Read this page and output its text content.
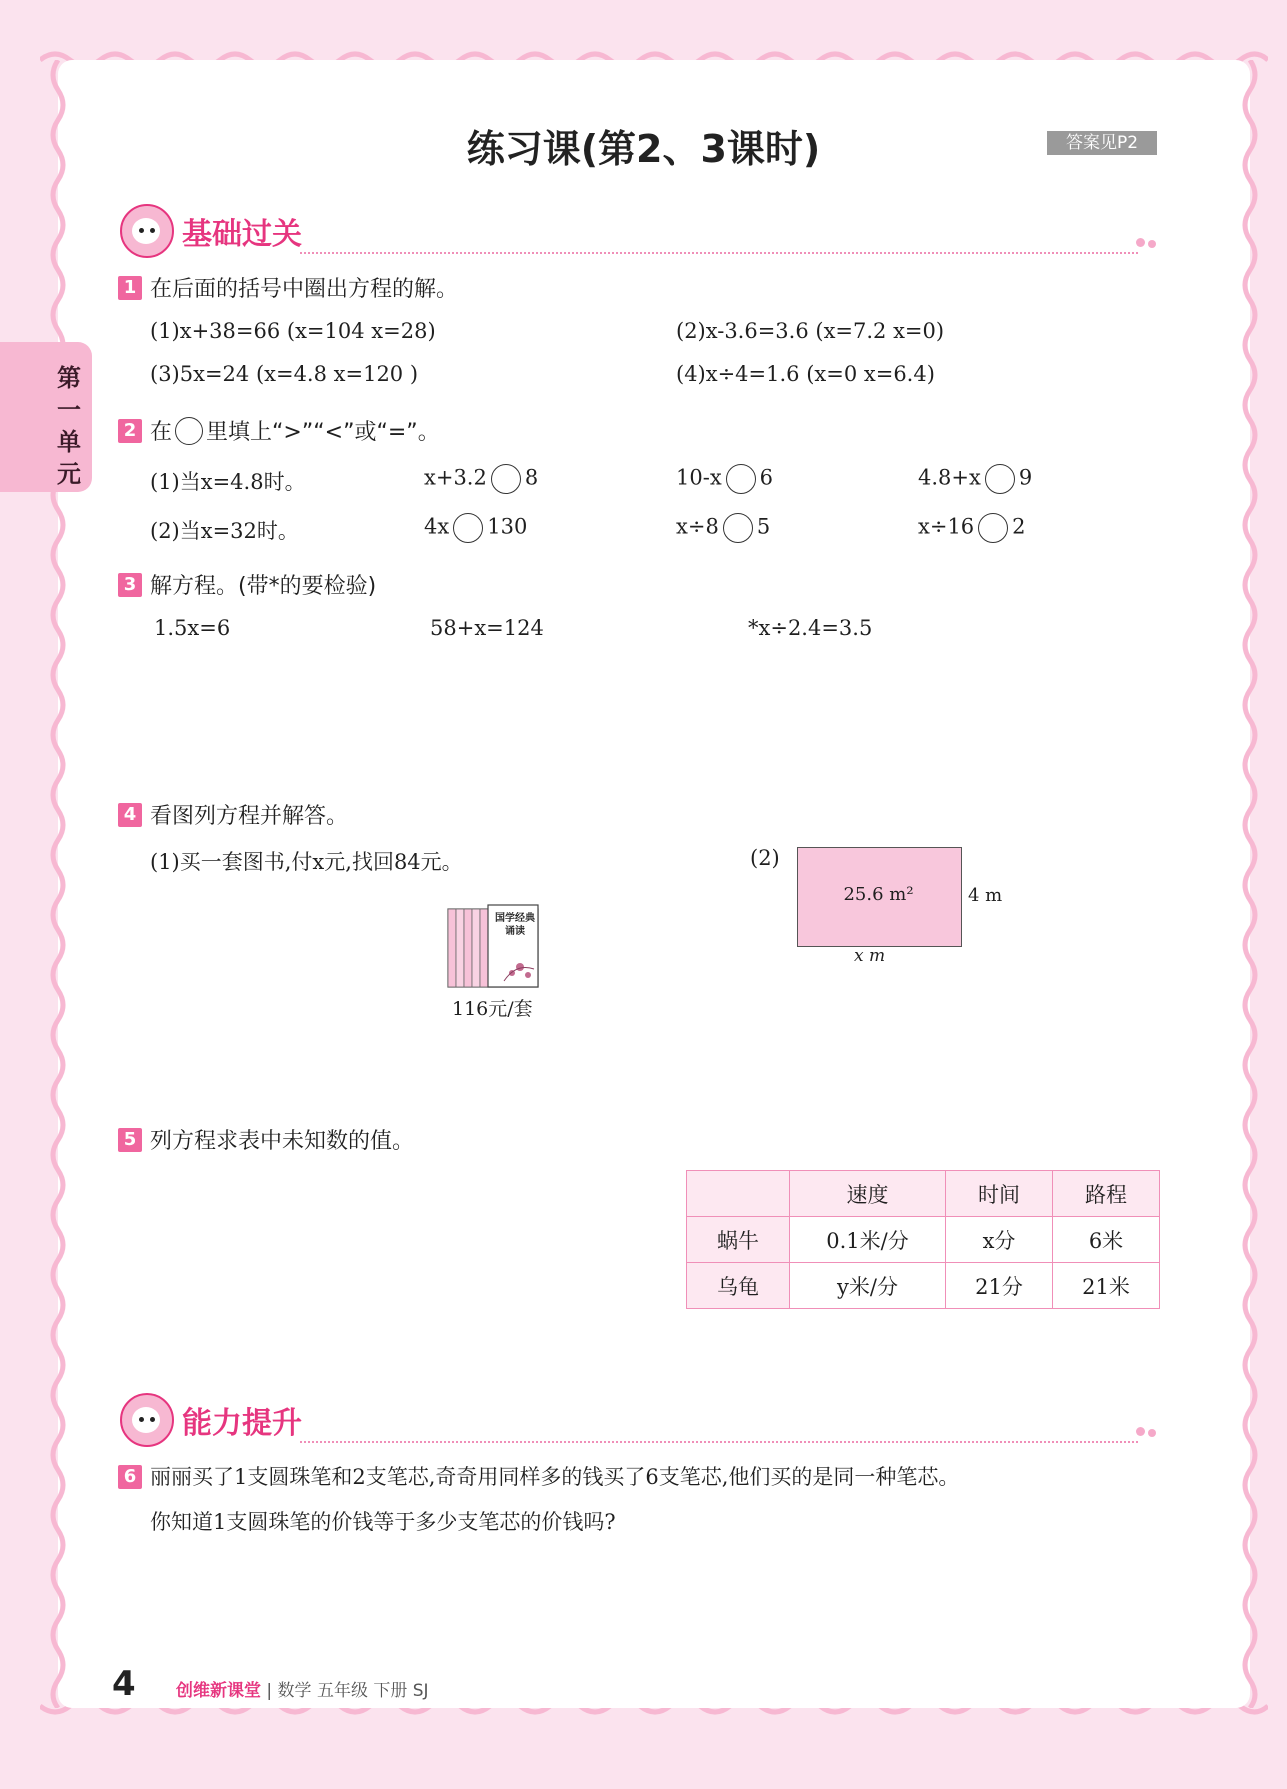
第一单元
练习课(第2、3课时)	答案见P2
基础过关
1 在后面的括号中圈出方程的解。
(1)x+38=66 (x=104 x=28)	(2)x-3.6=3.6 (x=7.2 x=0)
(3)5x=24 (x=4.8 x=120 )	(4)x÷4=1.6 (x=0 x=6.4)
2 在 里填上“>”“<”或“=”。
(1)当x=4.8时。	x+3.2 8	10-x 6	4.8+x 9
(2)当x=32时。	4x 130	x÷8 5	x÷16 2
3 解方程。(带*的要检验)
1.5x=6	58+x=124	*x÷2.4=3.5
4 看图列方程并解答。
(1)买一套图书,付x元,找回84元。
国学经典诵读
116元/套
(2)
25.6 m²	4 m
x m
5 列方程求表中未知数的值。
	速度	时间	路程
蜗牛	0.1米/分	x分	6米
乌龟	y米/分	21分	21米
能力提升
6 丽丽买了1支圆珠笔和2支笔芯,奇奇用同样多的钱买了6支笔芯,他们买的是同一种笔芯。
你知道1支圆珠笔的价钱等于多少支笔芯的价钱吗?
4 创维新课堂 | 数学 五年级 下册 SJ
